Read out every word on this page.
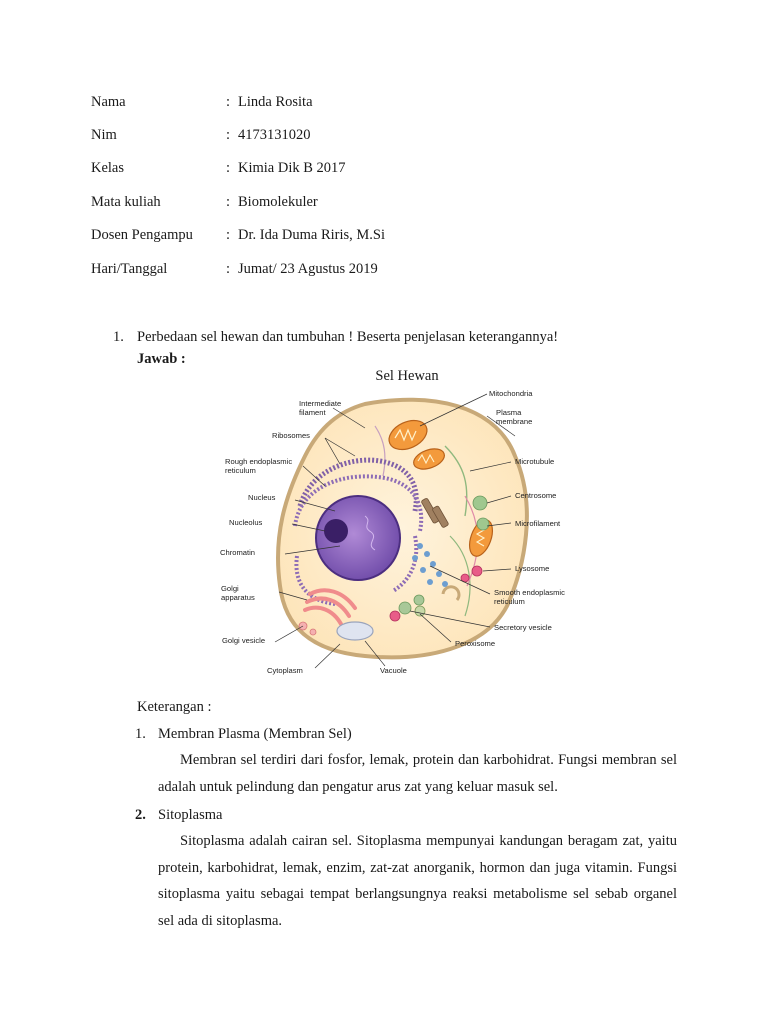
Nama	: Linda Rosita
Nim	: 4173131020
Kelas	: Kimia Dik B 2017
Mata kuliah	: Biomolekuler
Dosen Pengampu	: Dr. Ida Duma Riris, M.Si
Hari/Tanggal	: Jumat/ 23 Agustus 2019
1. Perbedaan sel hewan dan tumbuhan ! Beserta penjelasan keterangannya!
Jawab :
Sel Hewan
Intermediate
filament
Ribosomes
Rough endoplasmic
reticulum
Nucleus
Nucleolus
Chromatin
Golgi
apparatus
Golgi vesicle
Cytoplasm	Vacuole
Mitochondria
Plasma
membrane
Microtubule
Centrosome
Microfilament
Lysosome
Smooth endoplasmic
reticulum
Secretory vesicle
Peroxisome
Keterangan :
1. Membran Plasma (Membran Sel)
Membran sel terdiri dari fosfor, lemak, protein dan karbohidrat. Fungsi membran sel adalah untuk pelindung dan pengatur arus zat yang keluar masuk sel.
2. Sitoplasma
Sitoplasma adalah cairan sel. Sitoplasma mempunyai kandungan beragam zat, yaitu protein, karbohidrat, lemak, enzim, zat-zat anorganik, hormon dan juga vitamin. Fungsi sitoplasma yaitu sebagai tempat berlangsungnya reaksi metabolisme sel sebab organel sel ada di sitoplasma.
